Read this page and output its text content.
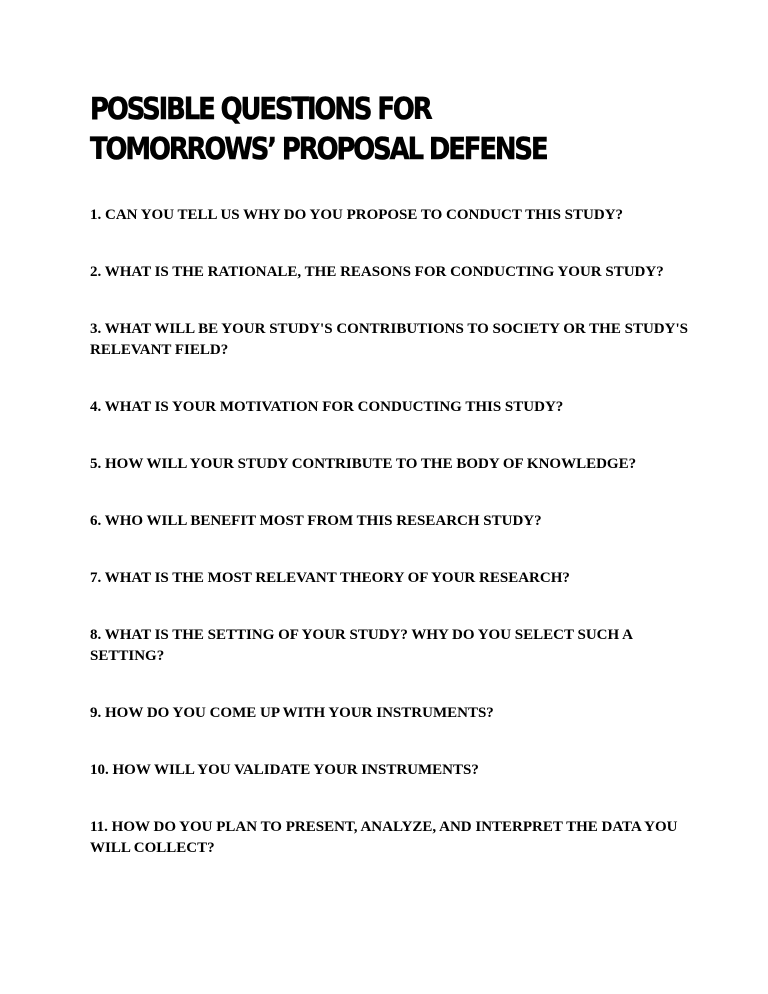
POSSIBLE QUESTIONS FOR TOMORROWS’ PROPOSAL DEFENSE

1. CAN YOU TELL US WHY DO YOU PROPOSE TO CONDUCT THIS STUDY?

2. WHAT IS THE RATIONALE, THE REASONS FOR CONDUCTING YOUR STUDY?

3. WHAT WILL BE YOUR STUDY'S CONTRIBUTIONS TO SOCIETY OR THE STUDY'S RELEVANT FIELD?

4. WHAT IS YOUR MOTIVATION FOR CONDUCTING THIS STUDY?

5. HOW WILL YOUR STUDY CONTRIBUTE TO THE BODY OF KNOWLEDGE?

6. WHO WILL BENEFIT MOST FROM THIS RESEARCH STUDY?

7. WHAT IS THE MOST RELEVANT THEORY OF YOUR RESEARCH?

8. WHAT IS THE SETTING OF YOUR STUDY? WHY DO YOU SELECT SUCH A SETTING?

9. HOW DO YOU COME UP WITH YOUR INSTRUMENTS?

10. HOW WILL YOU VALIDATE YOUR INSTRUMENTS?

11. HOW DO YOU PLAN TO PRESENT, ANALYZE, AND INTERPRET THE DATA YOU WILL COLLECT?
